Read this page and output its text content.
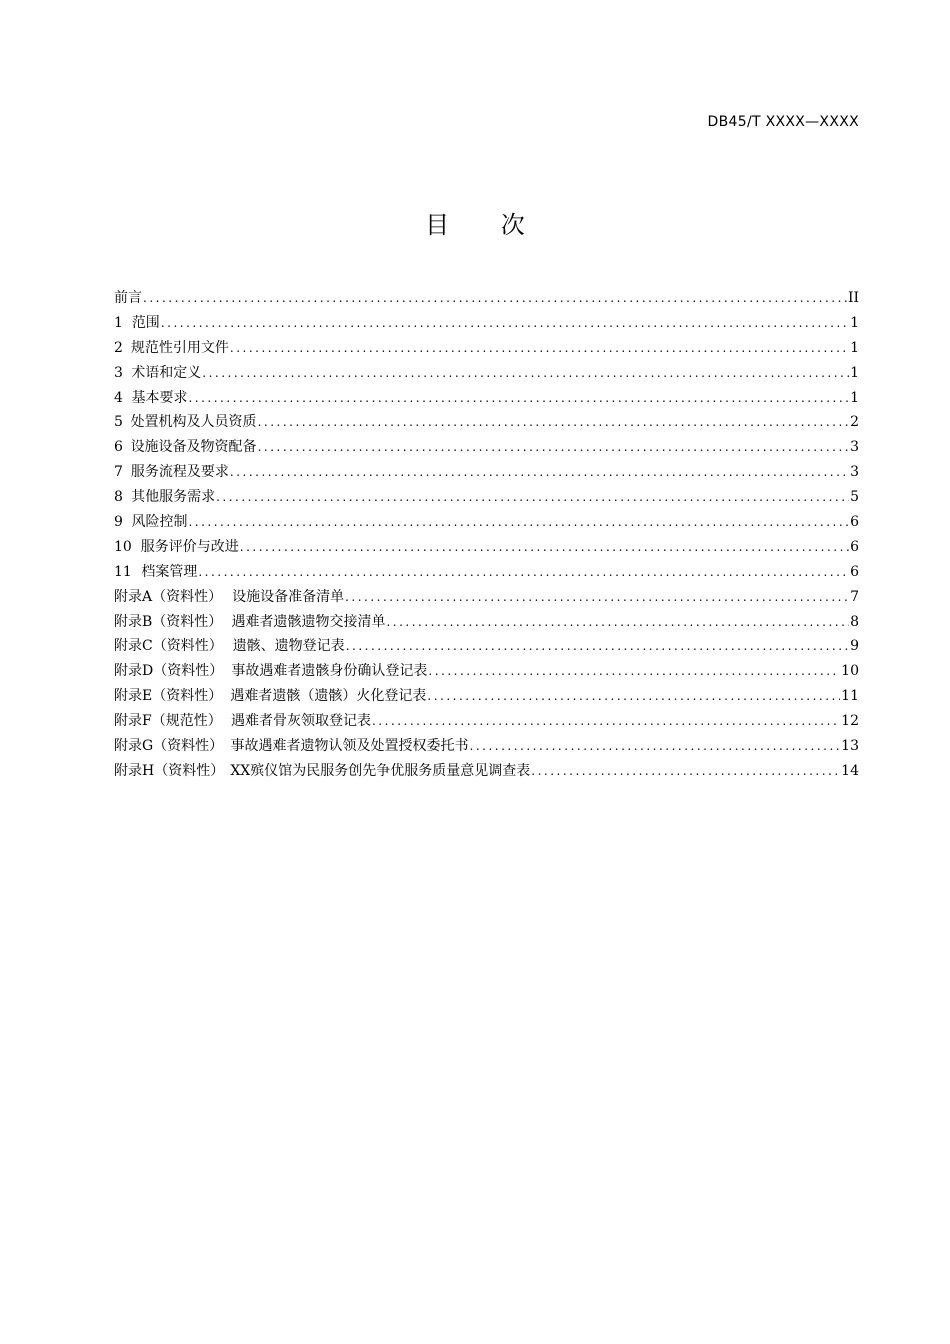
DB45/T XXXX—XXXX
目 次
前言 .....	II
1 范围 .....	1
2 规范性引用文件 .....	1
3 术语和定义 .....	1
4 基本要求 .....	1
5 处置机构及人员资质 .....	2
6 设施设备及物资配备 .....	3
7 服务流程及要求 .....	3
8 其他服务需求 .....	5
9 风险控制 .....	6
10 服务评价与改进 .....	6
11 档案管理 .....	6
附录A（资料性） 设施设备准备清单 .....	7
附录B（资料性） 遇难者遗骸遗物交接清单 .....	8
附录C（资料性） 遗骸、遗物登记表 .....	9
附录D（资料性） 事故遇难者遗骸身份确认登记表 .....	10
附录E（资料性） 遇难者遗骸（遗骸）火化登记表 .....	11
附录F（规范性） 遇难者骨灰领取登记表 .....	12
附录G（资料性） 事故遇难者遗物认领及处置授权委托书 .....	13
附录H（资料性） XX殡仪馆为民服务创先争优服务质量意见调查表 .....	14
